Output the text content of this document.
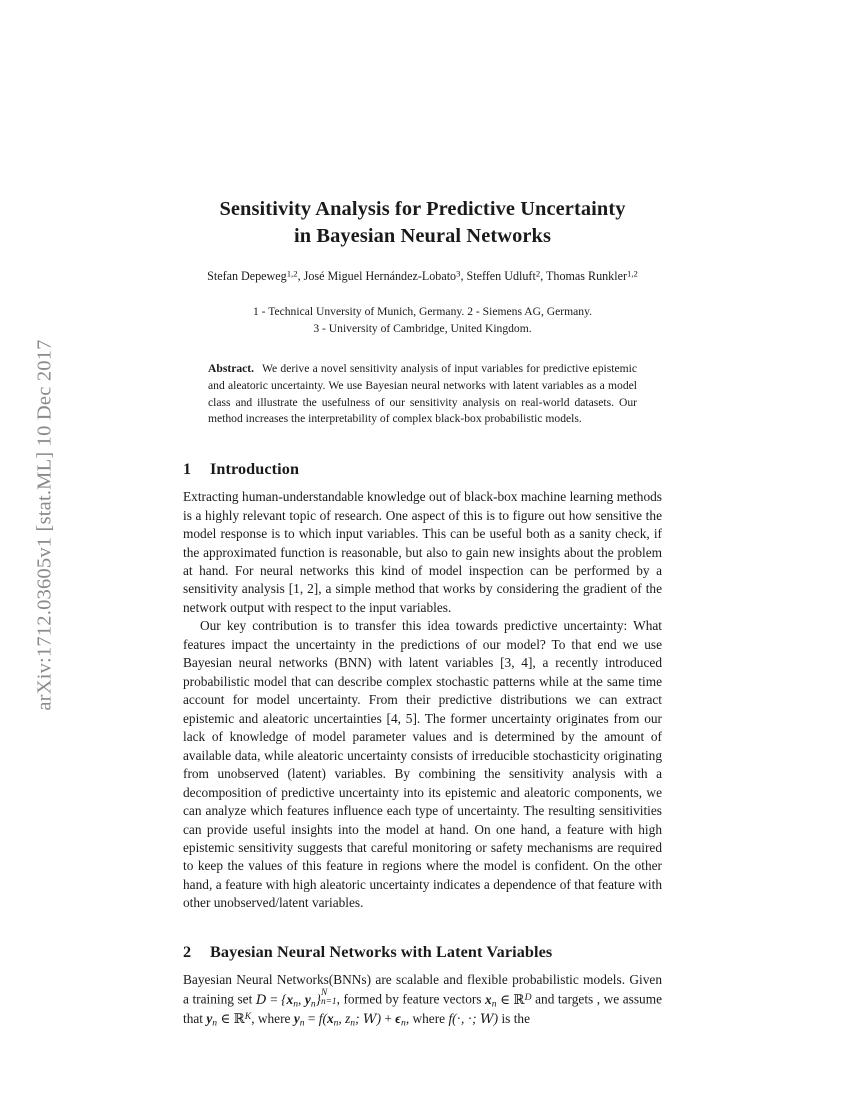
arXiv:1712.03605v1 [stat.ML] 10 Dec 2017
Sensitivity Analysis for Predictive Uncertainty
in Bayesian Neural Networks
Stefan Depeweg$^{1,2}$, José Miguel Hernández-Lobato$^3$, Steffen Udluft$^2$, Thomas Runkler$^{1,2}$
1 - Technical Unversity of Munich, Germany. 2 - Siemens AG, Germany.
3 - University of Cambridge, United Kingdom.
Abstract. We derive a novel sensitivity analysis of input variables for predictive epistemic and aleatoric uncertainty. We use Bayesian neural networks with latent variables as a model class and illustrate the usefulness of our sensitivity analysis on real-world datasets. Our method increases the interpretability of complex black-box probabilistic models.
1 Introduction

Extracting human-understandable knowledge out of black-box machine learning methods is a highly relevant topic of research. One aspect of this is to figure out how sensitive the model response is to which input variables. This can be useful both as a sanity check, if the approximated function is reasonable, but also to gain new insights about the problem at hand. For neural networks this kind of model inspection can be performed by a sensitivity analysis [1, 2], a simple method that works by considering the gradient of the network output with respect to the input variables.

Our key contribution is to transfer this idea towards predictive uncertainty: What features impact the uncertainty in the predictions of our model? To that end we use Bayesian neural networks (BNN) with latent variables [3, 4], a recently introduced probabilistic model that can describe complex stochastic patterns while at the same time account for model uncertainty. From their predictive distributions we can extract epistemic and aleatoric uncertainties [4, 5]. The former uncertainty originates from our lack of knowledge of model parameter values and is determined by the amount of available data, while aleatoric uncertainty consists of irreducible stochasticity originating from unobserved (latent) variables. By combining the sensitivity analysis with a decomposition of predictive uncertainty into its epistemic and aleatoric components, we can analyze which features influence each type of uncertainty. The resulting sensitivities can provide useful insights into the model at hand. On one hand, a feature with high epistemic sensitivity suggests that careful monitoring or safety mechanisms are required to keep the values of this feature in regions where the model is confident. On the other hand, a feature with high aleatoric uncertainty indicates a dependence of that feature with other unobserved/latent variables.

2 Bayesian Neural Networks with Latent Variables

Bayesian Neural Networks(BNNs) are scalable and flexible probabilistic models. Given a training set $D = \{x_n$, $y_n$} N
n=1 , formed by feature vectors $x_n$ ∈ ℝ$^D$ and targets , we assume that $y_n$ ∈ ℝ$^K$, where $y_n = f(x_n$, $z_n$; $W) + \epsilon_n$, where f(·, ·; W) is the
